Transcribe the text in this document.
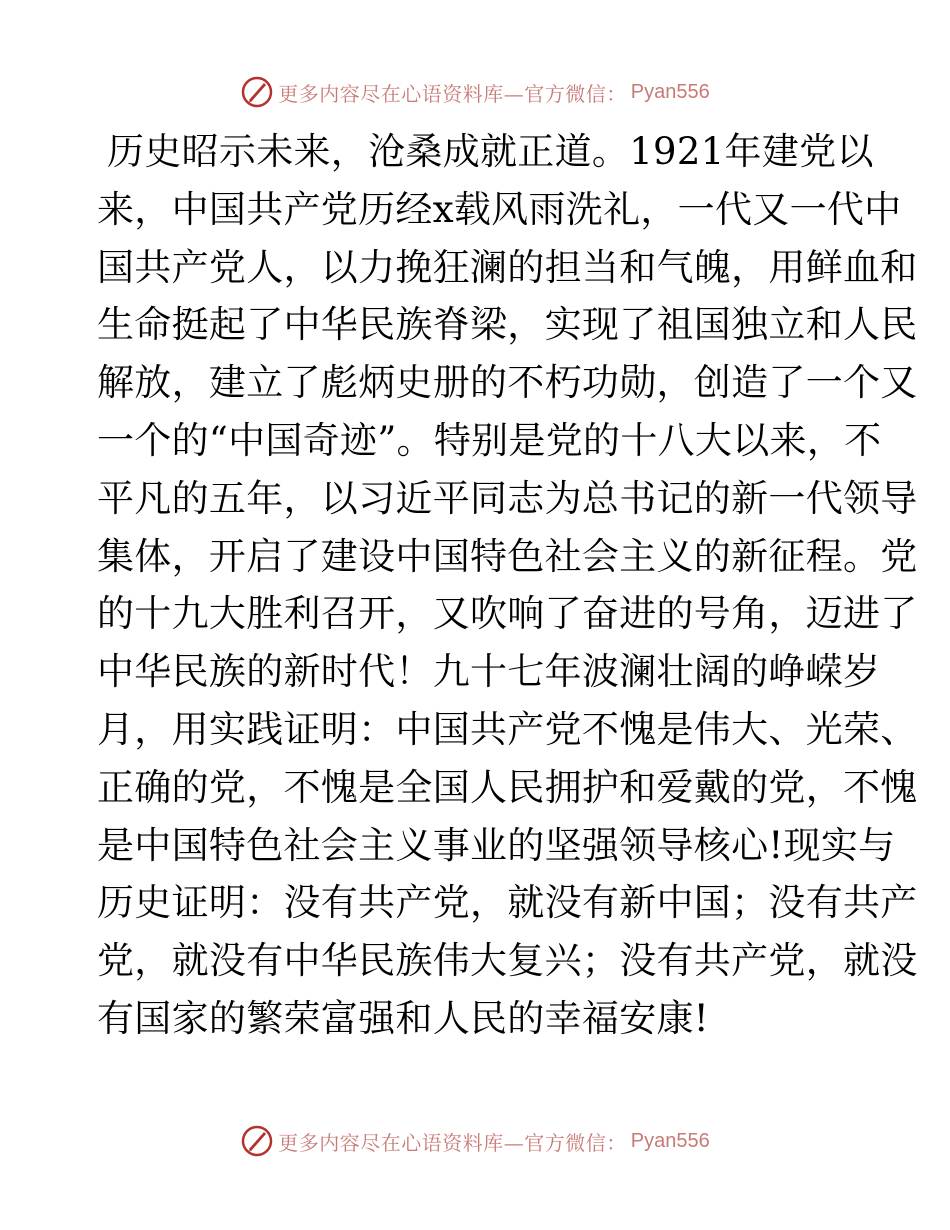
更多内容尽在心语资料库—官方微信： Pyan556
历史昭示未来，沧桑成就正道。1921年建党以
来，中国共产党历经x载风雨洗礼，一代又一代中
国共产党人，以力挽狂澜的担当和气魄，用鲜血和
生命挺起了中华民族脊梁，实现了祖国独立和人民
解放，建立了彪炳史册的不朽功勋，创造了一个又
一个的“中国奇迹”。特别是党的十八大以来，不
平凡的五年，以习近平同志为总书记的新一代领导
集体，开启了建设中国特色社会主义的新征程。党
的十九大胜利召开，又吹响了奋进的号角，迈进了
中华民族的新时代！九十七年波澜壮阔的峥嵘岁
月，用实践证明：中国共产党不愧是伟大、光荣、
正确的党，不愧是全国人民拥护和爱戴的党，不愧
是中国特色社会主义事业的坚强领导核心!现实与
历史证明：没有共产党，就没有新中国；没有共产
党，就没有中华民族伟大复兴；没有共产党，就没
有国家的繁荣富强和人民的幸福安康!
更多内容尽在心语资料库—官方微信： Pyan556
